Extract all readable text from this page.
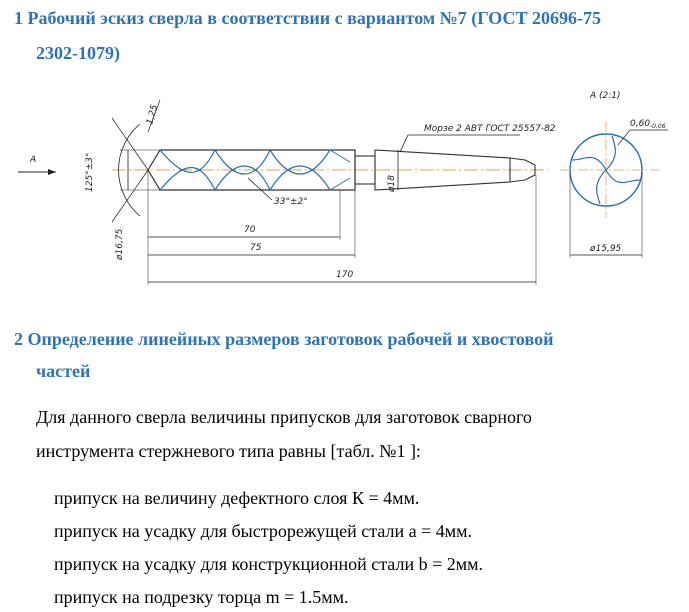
1 Рабочий эскиз сверла в соответствии с вариантом №7 (ГОСТ 20696-75
2302-1079)
A
Морзе 2 АВТ ГОСТ 25557-82
ø18
33°±2°
125°±3°
1,25
ø16,75	70
75
170
A (2:1)
0,60 -0,06
ø15,95
2 Определение линейных размеров заготовок рабочей и хвостовой
частей
Для данного сверла величины припусков для заготовок сварного
инструмента стержневого типа равны [табл. №1 ]:
припуск на величину дефектного слоя К = 4мм.
припуск на усадку для быстрорежущей стали а = 4мм.
припуск на усадку для конструкционной стали b = 2мм.
припуск на подрезку торца m = 1.5мм.
